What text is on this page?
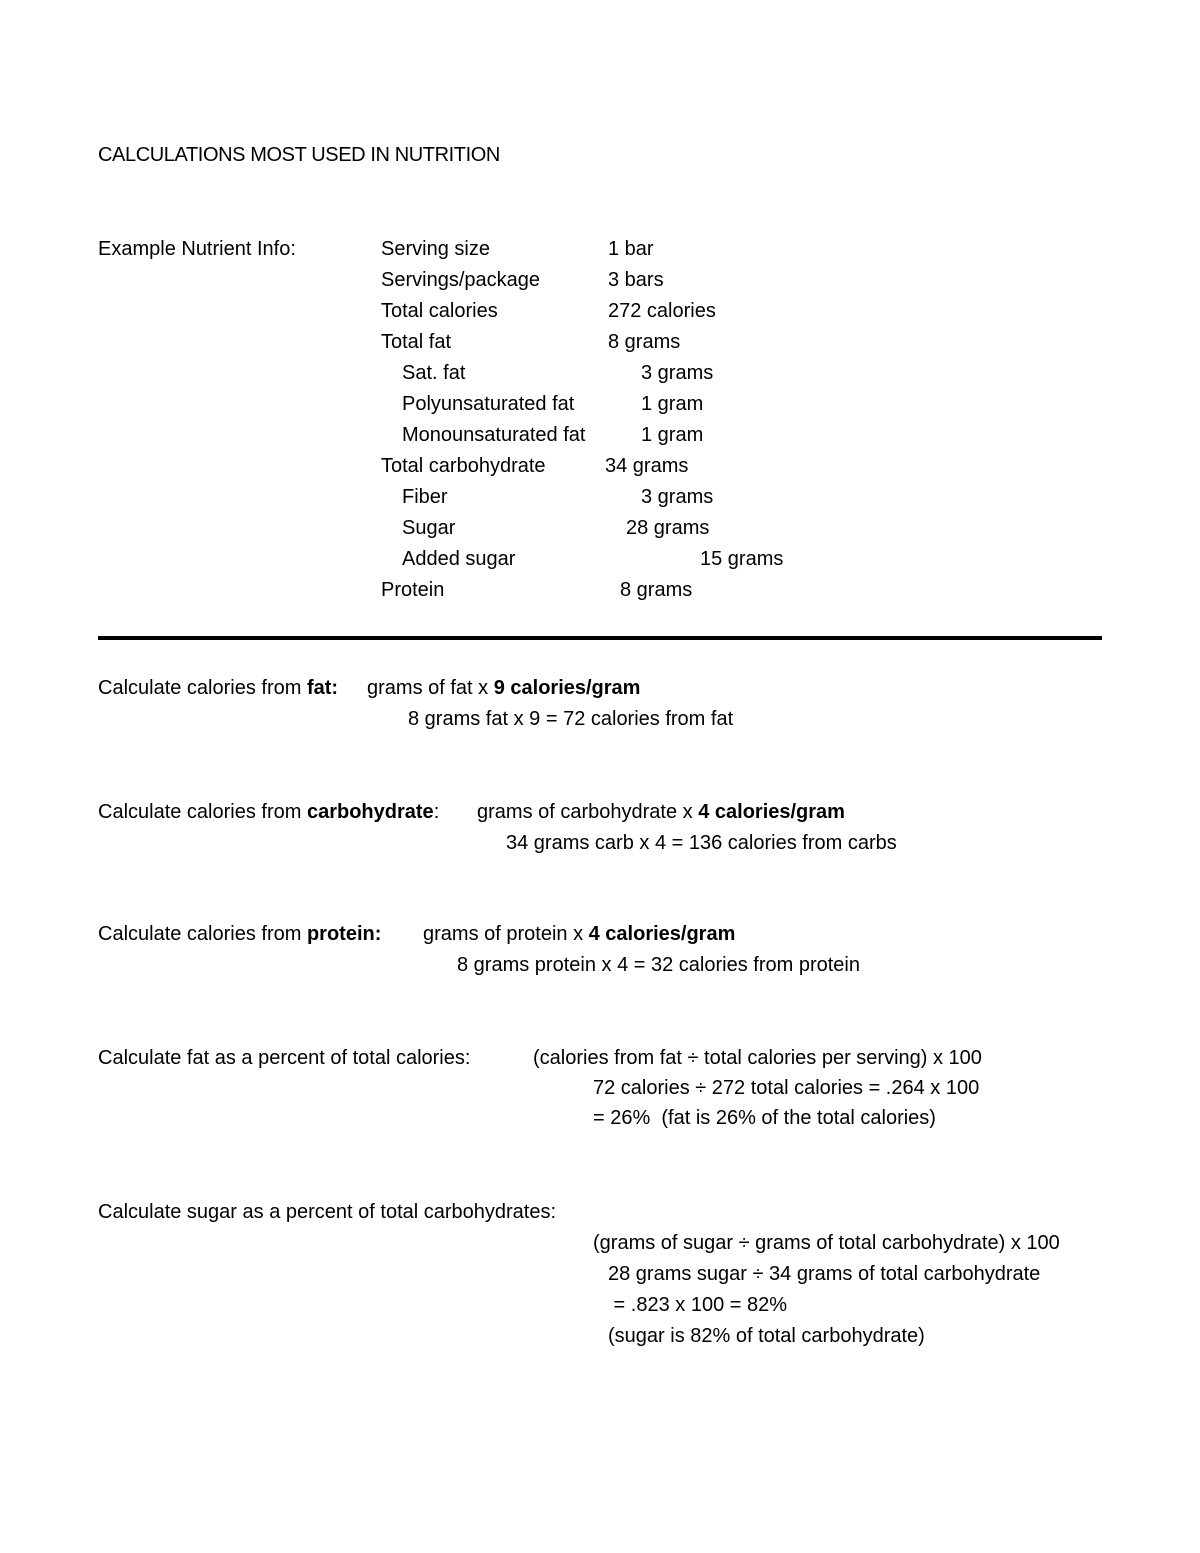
CALCULATIONS MOST USED IN NUTRITION
Example Nutrient Info:	Serving size	1 bar
Servings/package	3 bars
Total calories	272 calories
Total fat	8 grams
Sat. fat	3 grams
Polyunsaturated fat	1 gram
Monounsaturated fat	1 gram
Total carbohydrate	34 grams
Fiber	3 grams
Sugar	28 grams
Added sugar	15 grams
Protein	8 grams
Calculate calories from fat: grams of fat x 9 calories/gram
8 grams fat x 9 = 72 calories from fat
Calculate calories from carbohydrate: grams of carbohydrate x 4 calories/gram
34 grams carb x 4 = 136 calories from carbs
Calculate calories from protein: grams of protein x 4 calories/gram
8 grams protein x 4 = 32 calories from protein
Calculate fat as a percent of total calories:	(calories from fat ÷ total calories per serving) x 100
72 calories ÷ 272 total calories = .264 x 100
= 26%  (fat is 26% of the total calories)
Calculate sugar as a percent of total carbohydrates:
(grams of sugar ÷ grams of total carbohydrate) x 100
28 grams sugar ÷ 34 grams of total carbohydrate
= .823 x 100 = 82%
(sugar is 82% of total carbohydrate)
